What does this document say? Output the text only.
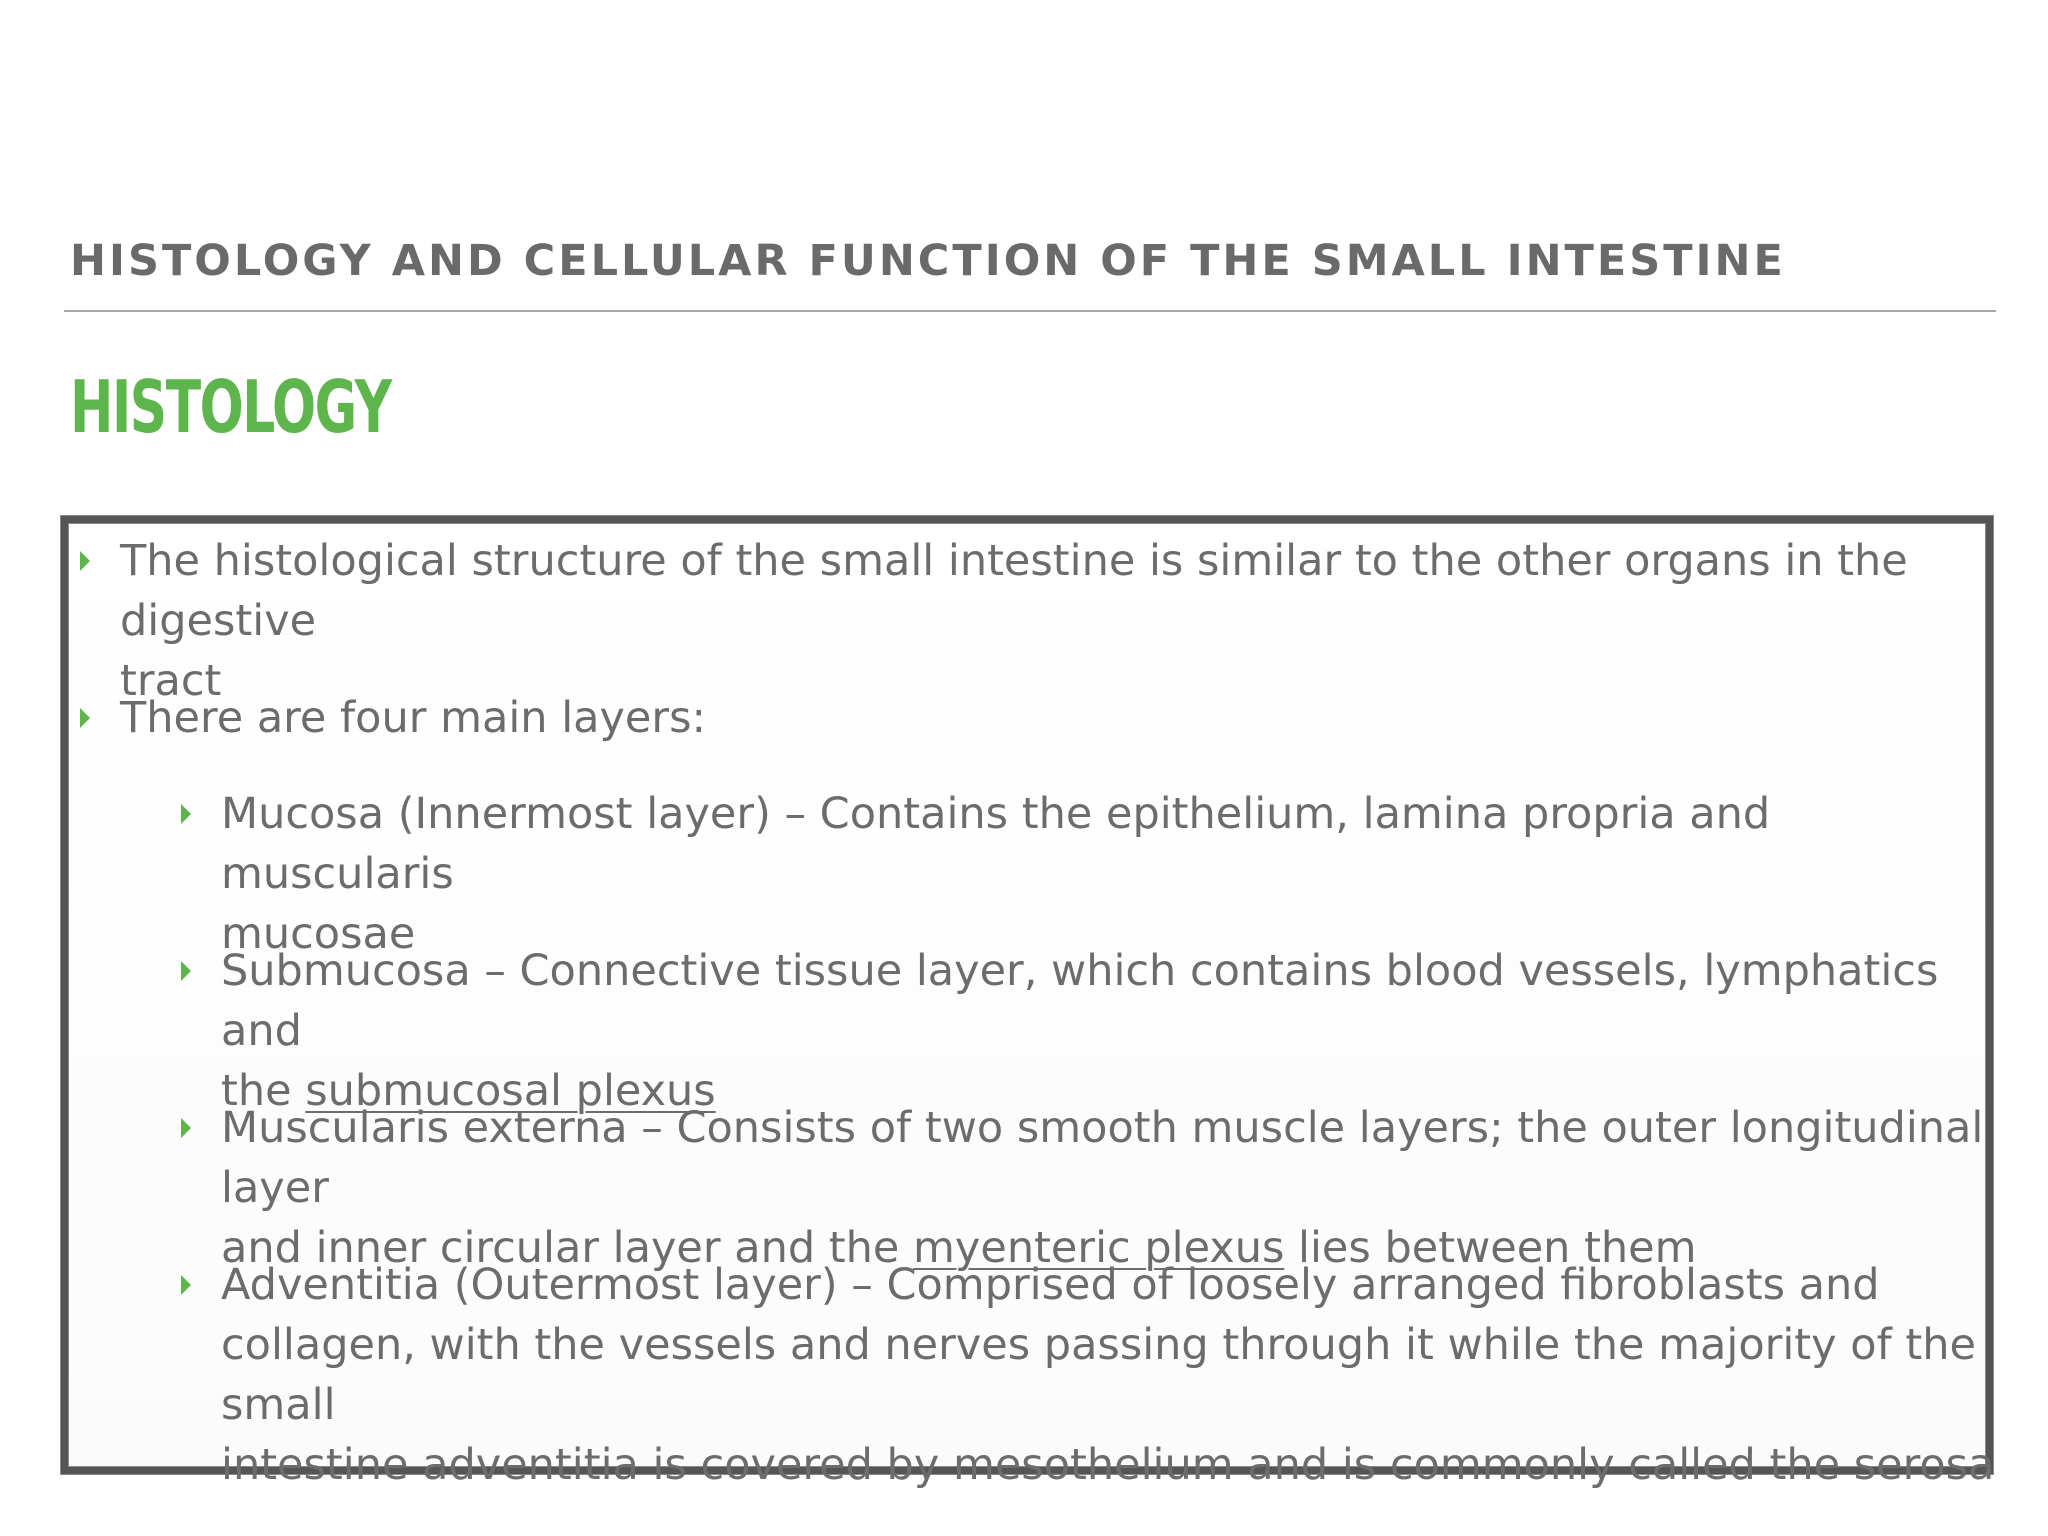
HISTOLOGY AND CELLULAR FUNCTION OF THE SMALL INTESTINE
HISTOLOGY
The histological structure of the small intestine is similar to the other organs in the digestive
tract
There are four main layers:
Mucosa (Innermost layer) – Contains the epithelium, lamina propria and muscularis
mucosae
Submucosa – Connective tissue layer, which contains blood vessels, lymphatics and
the submucosal plexus
Muscularis externa – Consists of two smooth muscle layers; the outer longitudinal layer
and inner circular layer and the myenteric plexus lies between them
Adventitia (Outermost layer) – Comprised of loosely arranged fibroblasts and
collagen, with the vessels and nerves passing through it while the majority of the small
intestine adventitia is covered by mesothelium and is commonly called the serosa
